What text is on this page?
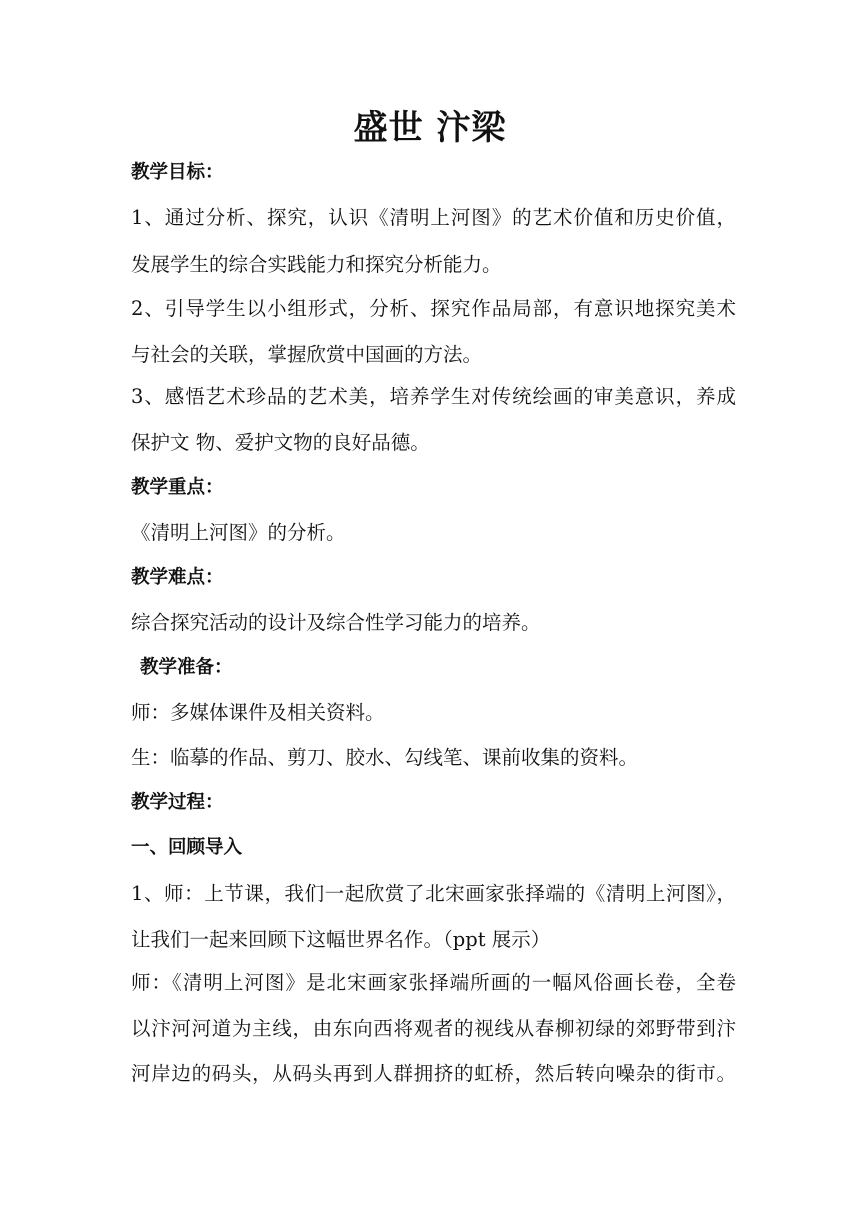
盛世 汴梁
教学目标：
1、通过分析、探究，认识《清明上河图》的艺术价值和历史价值，
发展学生的综合实践能力和探究分析能力。
2、引导学生以小组形式，分析、探究作品局部，有意识地探究美术
与社会的关联，掌握欣赏中国画的方法。
3、感悟艺术珍品的艺术美，培养学生对传统绘画的审美意识，养成
保护文 物、爱护文物的良好品德。
教学重点：
《清明上河图》的分析。
教学难点：
综合探究活动的设计及综合性学习能力的培养。
教学准备：
师：多媒体课件及相关资料。
生：临摹的作品、剪刀、胶水、勾线笔、课前收集的资料。
教学过程：
一、回顾导入
1、师：上节课，我们一起欣赏了北宋画家张择端的《清明上河图》，
让我们一起来回顾下这幅世界名作。（ppt 展示）
师：《清明上河图》是北宋画家张择端所画的一幅风俗画长卷，全卷
以汴河河道为主线，由东向西将观者的视线从春柳初绿的郊野带到汴
河岸边的码头，从码头再到人群拥挤的虹桥，然后转向噪杂的街市。
